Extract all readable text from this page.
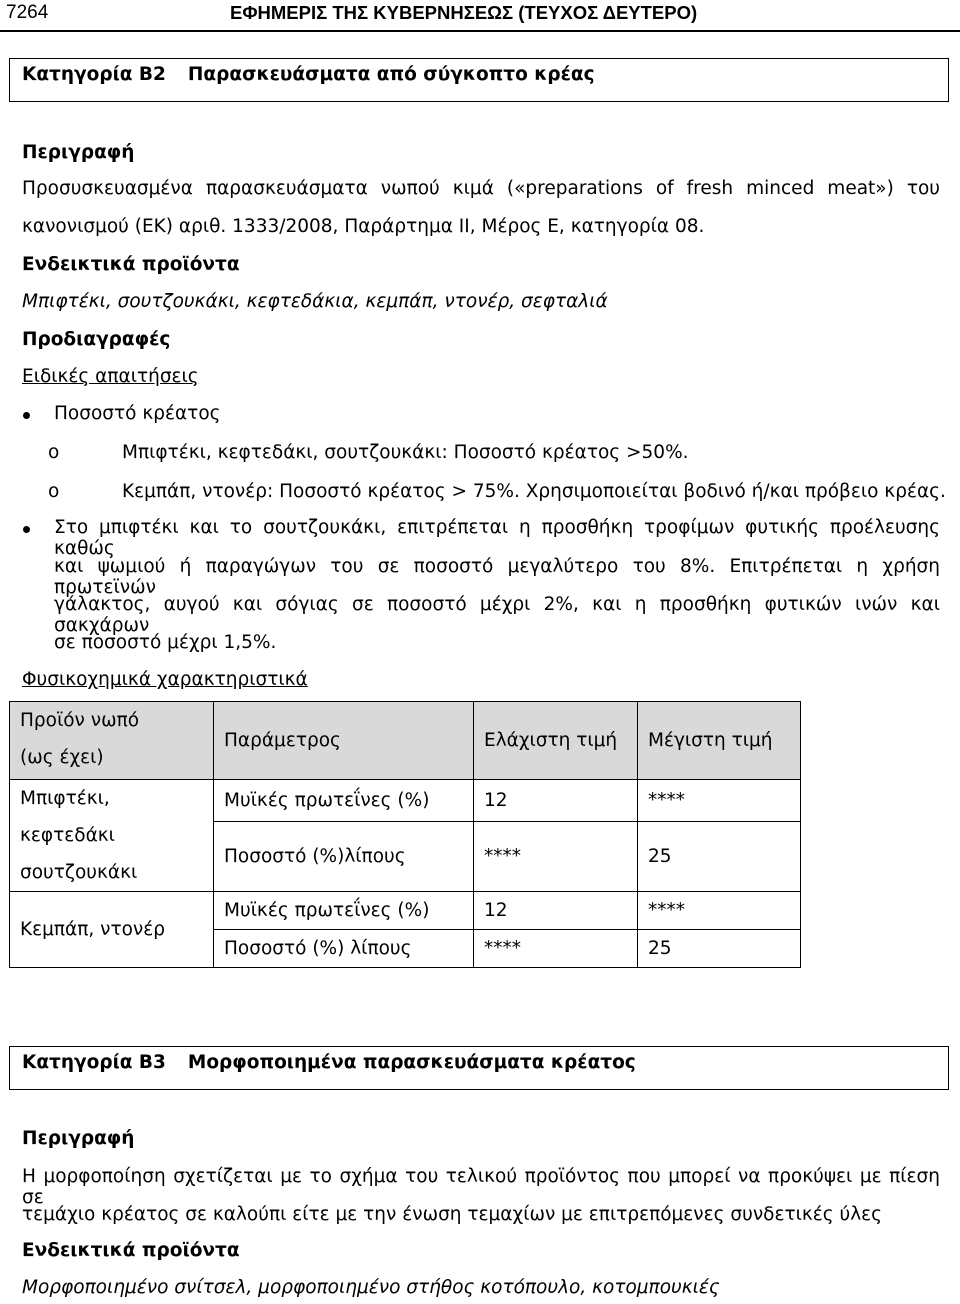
7264	ΕΦΗΜΕΡΙΣ ΤΗΣ ΚΥΒΕΡΝΗΣΕΩΣ (ΤΕΥΧΟΣ ΔΕΥΤΕΡΟ)
Κατηγορία Β2 Παρασκευάσματα από σύγκοπτο κρέας
Περιγραφή
Προσυσκευασμένα παρασκευάσματα νωπού κιμά («preparations of fresh minced meat») του
κανονισμού (ΕΚ) αριθ. 1333/2008, Παράρτημα ΙΙ, Μέρος Ε, κατηγορία 08.
Ενδεικτικά προϊόντα
Μπιφτέκι, σουτζουκάκι, κεφτεδάκια, κεμπάπ, ντονέρ, σεφταλιά
Προδιαγραφές
Ειδικές απαιτήσεις
Ποσοστό κρέατος
o	Μπιφτέκι, κεφτεδάκι, σουτζουκάκι: Ποσοστό κρέατος >50%.
o	Κεμπάπ, ντονέρ: Ποσοστό κρέατος > 75%. Χρησιμοποιείται βοδινό ή/και πρόβειο κρέας.
Στο μπιφτέκι και το σουτζουκάκι, επιτρέπεται η προσθήκη τροφίμων φυτικής προέλευσης καθώς
και ψωμιού ή παραγώγων του σε ποσοστό μεγαλύτερο του 8%. Επιτρέπεται η χρήση πρωτεϊνών
γάλακτος, αυγού και σόγιας σε ποσοστό μέχρι 2%, και η προσθήκη φυτικών ινών και σακχάρων
σε ποσοστό μέχρι 1,5%.
Φυσικοχημικά χαρακτηριστικά
Προϊόν νωπό
(ως έχει)	Παράμετρος	Ελάχιστη τιμή	Μέγιστη τιμή

Μπιφτέκι,
κεφτεδάκι
σουτζουκάκι	Μυϊκές πρωτεΐνες (%)	12	****
	Ποσοστό (%)λίπους	****	25
Κεμπάπ, ντονέρ	Μυϊκές πρωτεΐνες (%)	12	****
	Ποσοστό (%) λίπους	****	25
Κατηγορία Β3 Μορφοποιημένα παρασκευάσματα κρέατος
Περιγραφή
Η μορφοποίηση σχετίζεται με το σχήμα του τελικού προϊόντος που μπορεί να προκύψει με πίεση σε
τεμάχιο κρέατος σε καλούπι είτε με την ένωση τεμαχίων με επιτρεπόμενες συνδετικές ύλες
Ενδεικτικά προϊόντα
Μορφοποιημένο σνίτσελ, μορφοποιημένο στήθος κοτόπουλο, κοτομπουκιές
